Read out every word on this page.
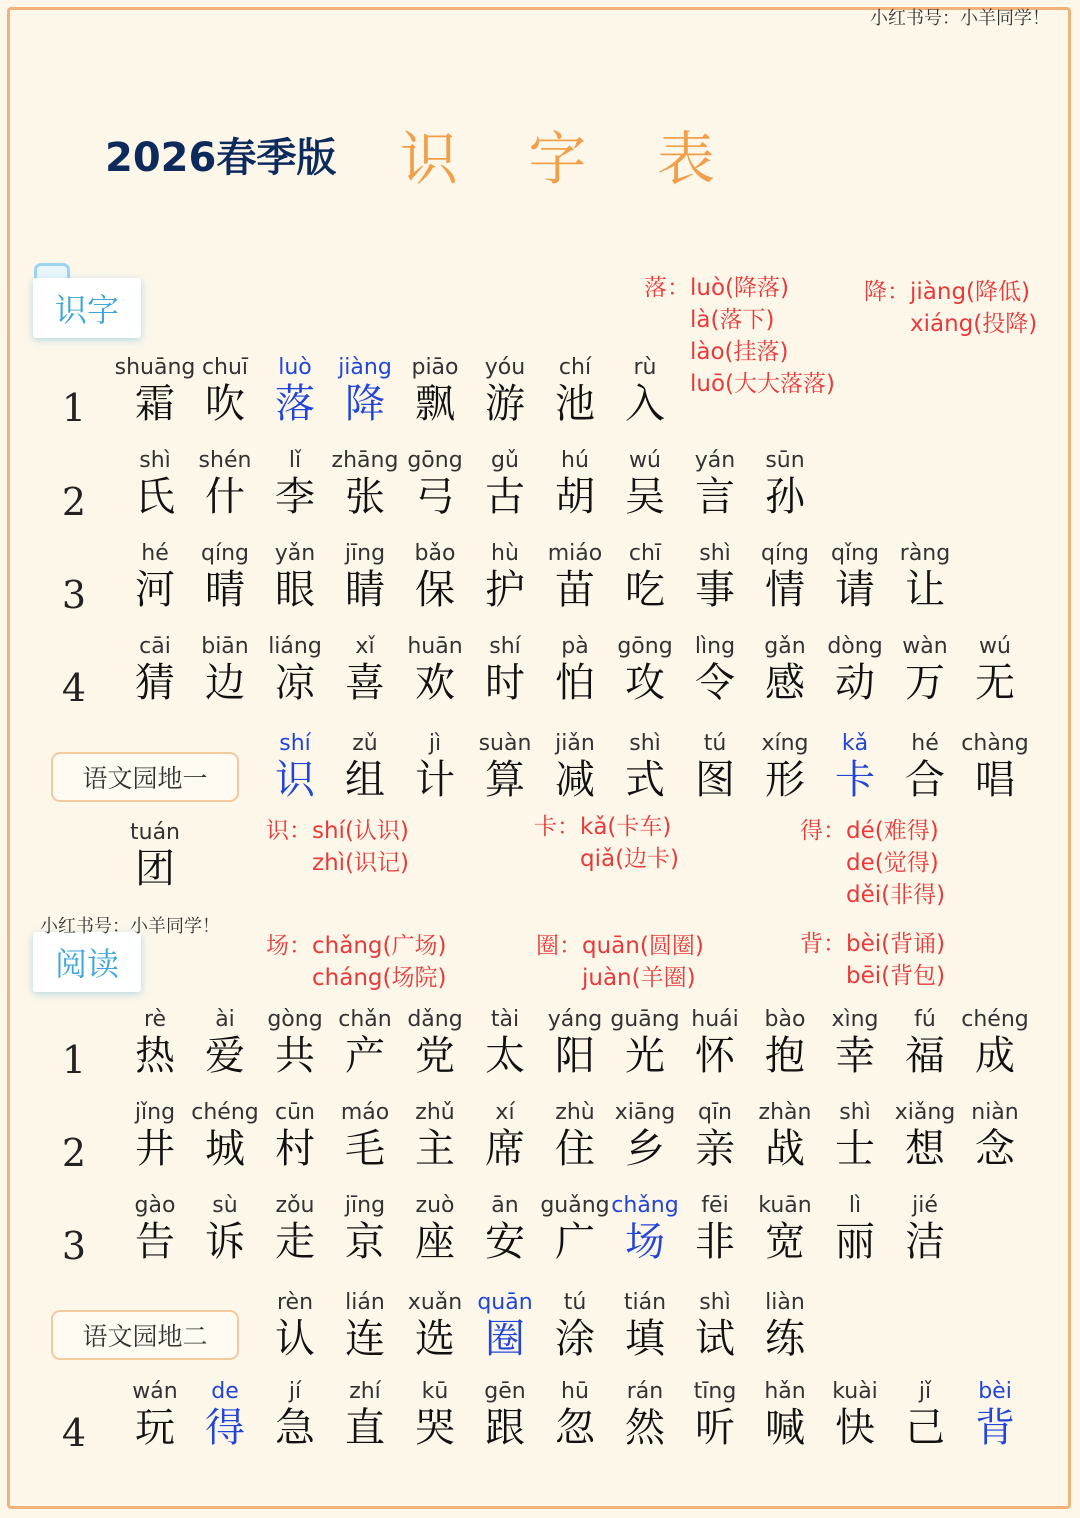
小红书号：小羊同学！
2026春季版 识 字 表
识字
阅读
小红书号：小羊同学！
语文园地一
语文园地二
1
2
3
4
1
2
3
4
shuāng
霜
chuī
吹
luò
落
jiàng
降
piāo
飘
yóu
游
chí
池
rù
入
shì
氏
shén
什
lǐ
李
zhāng
张
gōng
弓
gǔ
古
hú
胡
wú
吴
yán
言
sūn
孙
hé
河
qíng
晴
yǎn
眼
jīng
睛
bǎo
保
hù
护
miáo
苗
chī
吃
shì
事
qíng
情
qǐng
请
ràng
让
cāi
猜
biān
边
liáng
凉
xǐ
喜
huān
欢
shí
时
pà
怕
gōng
攻
lìng
令
gǎn
感
dòng
动
wàn
万
wú
无
shí
识
zǔ
组
jì
计
suàn
算
jiǎn
减
shì
式
tú
图
xíng
形
kǎ
卡
hé
合
chàng
唱
tuán
团
rè
热
ài
爱
gòng
共
chǎn
产
dǎng
党
tài
太
yáng
阳
guāng
光
huái
怀
bào
抱
xìng
幸
fú
福
chéng
成
jǐng
井
chéng
城
cūn
村
máo
毛
zhǔ
主
xí
席
zhù
住
xiāng
乡
qīn
亲
zhàn
战
shì
士
xiǎng
想
niàn
念
gào
告
sù
诉
zǒu
走
jīng
京
zuò
座
ān
安
guǎng
广
chǎng
场
fēi
非
kuān
宽
lì
丽
jié
洁
rèn
认
lián
连
xuǎn
选
quān
圈
tú
涂
tián
填
shì
试
liàn
练
wán
玩
de
得
jí
急
zhí
直
kū
哭
gēn
跟
hū
忽
rán
然
tīng
听
hǎn
喊
kuài
快
jǐ
己
bèi
背
落：luò(降落)
　　là(落下)
　　lào(挂落)
　　luō(大大落落)
降：jiàng(降低)
　　xiáng(投降)
识：shí(认识)
　　zhì(识记)
卡：kǎ(卡车)
　　qiǎ(边卡)
得：dé(难得)
　　de(觉得)
　　děi(非得)
场：chǎng(广场)
　　cháng(场院)
圈：quān(圆圈)
　　juàn(羊圈)
背：bèi(背诵)
　　bēi(背包)
